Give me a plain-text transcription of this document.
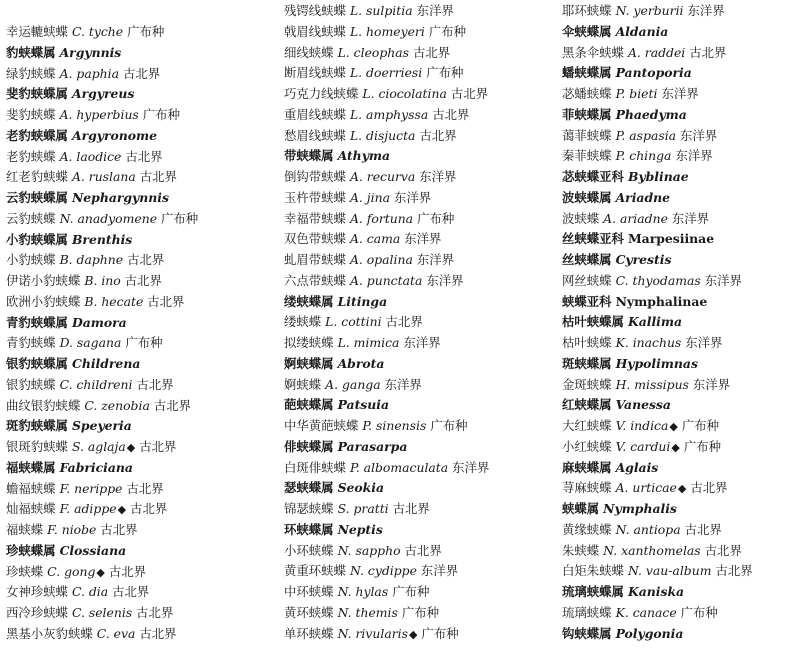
幸运轆蛱蝶 C. tyche 广布种
豹蛱蝶属 Argynnis
绿豹蛱蝶 A. paphia 古北界
斐豹蛱蝶属 Argyreus
斐豹蛱蝶 A. hyperbius 广布种
老豹蛱蝶属 Argyronome
老豹蛱蝶 A. laodice 古北界
红老豹蛱蝶 A. ruslana 古北界
云豹蛱蝶属 Nephargynnis
云豹蛱蝶 N. anadyomene 广布种
小豹蛱蝶属 Brenthis
小豹蛱蝶 B. daphne 古北界
伊诺小豹蛱蝶 B. ino 古北界
欧洲小豹蛱蝶 B. hecate 古北界
青豹蛱蝶属 Damora
青豹蛱蝶 D. sagana 广布种
银豹蛱蝶属 Childrena
银豹蛱蝶 C. childreni 古北界
曲纹银豹蛱蝶 C. zenobia 古北界
斑豹蛱蝶属 Speyeria
银斑豹蛱蝶 S. aglaja◆ 古北界
福蛱蝶属 Fabriciana
蟾福蛱蝶 F. nerippe 古北界
灿福蛱蝶 F. adippe◆ 古北界
福蛱蝶 F. niobe 古北界
珍蛱蝶属 Clossiana
珍蛱蝶 C. gong◆ 古北界
女神珍蛱蝶 C. dia 古北界
西冷珍蛱蝶 C. selenis 古北界
黑基小灰豹蛱蝶 C. eva 古北界
残锷线蛱蝶 L. sulpitia 东洋界
戟眉线蛱蝶 L. homeyeri 广布种
细线蛱蝶 L. cleophas 古北界
断眉线蛱蝶 L. doerriesi 广布种
巧克力线蛱蝶 L. ciocolatina 古北界
重眉线蛱蝶 L. amphyssa 古北界
愁眉线蛱蝶 L. disjucta 古北界
带蛱蝶属 Athyma
倒钩带蛱蝶 A. recurva 东洋界
玉杵带蛱蝶 A. jina 东洋界
幸福带蛱蝶 A. fortuna 广布种
双色带蛱蝶 A. cama 东洋界
虬眉带蛱蝶 A. opalina 东洋界
六点带蛱蝶 A. punctata 东洋界
缕蛱蝶属 Litinga
缕蛱蝶 L. cottini 古北界
拟缕蛱蝶 L. mimica 东洋界
婀蛱蝶属 Abrota
婀蛱蝶 A. ganga 东洋界
葩蛱蝶属 Patsuia
中华黄葩蛱蝶 P. sinensis 广布种
俳蛱蝶属 Parasarpa
白斑俳蛱蝶 P. albomaculata 东洋界
瑟蛱蝶属 Seokia
锦瑟蛱蝶 S. pratti 古北界
环蛱蝶属 Neptis
小环蛱蝶 N. sappho 古北界
黄重环蛱蝶 N. cydippe 东洋界
中环蛱蝶 N. hylas 广布种
黄环蛱蝶 N. themis 广布种
单环蛱蝶 N. rivularis◆ 广布种
耶环蛱蝶 N. yerburii 东洋界
伞蛱蝶属 Aldania
黑条伞蛱蝶 A. raddei 古北界
蟠蛱蝶属 Pantoporia
苾蟠蛱蝶 P. bieti 东洋界
菲蛱蝶属 Phaedyma
蔼菲蛱蝶 P. aspasia 东洋界
秦菲蛱蝶 P. chinga 东洋界
苾蛱蝶亚科 Byblinae
波蛱蝶属 Ariadne
波蛱蝶 A. ariadne 东洋界
丝蛱蝶亚科 Marpesiinae
丝蛱蝶属 Cyrestis
网丝蛱蝶 C. thyodamas 东洋界
蛱蝶亚科 Nymphalinae
枯叶蛱蝶属 Kallima
枯叶蛱蝶 K. inachus 东洋界
斑蛱蝶属 Hypolimnas
金斑蛱蝶 H. missipus 东洋界
红蛱蝶属 Vanessa
大红蛱蝶 V. indica◆ 广布种
小红蛱蝶 V. cardui◆ 广布种
麻蛱蝶属 Aglais
荨麻蛱蝶 A. urticae◆ 古北界
蛱蝶属 Nymphalis
黄缘蛱蝶 N. antiopa 古北界
朱蛱蝶 N. xanthomelas 古北界
白矩朱蛱蝶 N. vau-album 古北界
琉璃蛱蝶属 Kaniska
琉璃蛱蝶 K. canace 广布种
钩蛱蝶属 Polygonia
